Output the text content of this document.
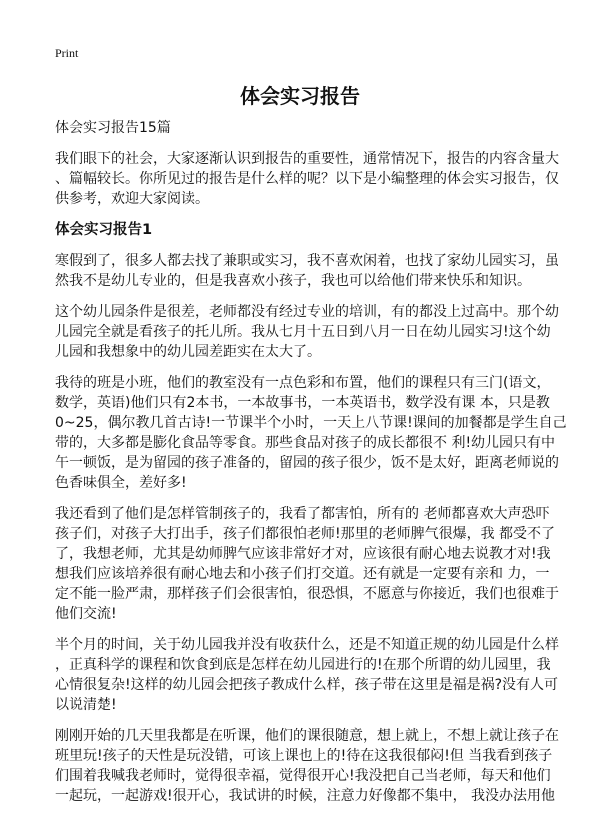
Print
体会实习报告
体会实习报告15篇
我们眼下的社会，大家逐渐认识到报告的重要性，通常情况下，报告的内容含量大
、篇幅较长。你所见过的报告是什么样的呢？以下是小编整理的体会实习报告，仅
供参考，欢迎大家阅读。
体会实习报告1
寒假到了，很多人都去找了兼职或实习，我不喜欢闲着，也找了家幼儿园实习，虽
然我不是幼儿专业的，但是我喜欢小孩子，我也可以给他们带来快乐和知识。
这个幼儿园条件是很差，老师都没有经过专业的培训，有的都没上过高中。那个幼
儿园完全就是看孩子的托儿所。我从七月十五日到八月一日在幼儿园实习!这个幼
儿园和我想象中的幼儿园差距实在太大了。
我待的班是小班，他们的教室没有一点色彩和布置，他们的课程只有三门(语文，
数学，英语)他们只有2本书，一本故事书，一本英语书，数学没有课 本，只是教
0~25，偶尔教几首古诗!一节课半个小时，一天上八节课!课间的加餐都是学生自己
带的，大多都是膨化食品等零食。那些食品对孩子的成长都很不 利!幼儿园只有中
午一顿饭，是为留园的孩子准备的，留园的孩子很少，饭不是太好，距离老师说的
色香味俱全，差好多!
我还看到了他们是怎样管制孩子的，我看了都害怕，所有的 老师都喜欢大声恐吓
孩子们，对孩子大打出手，孩子们都很怕老师!那里的老师脾气很爆，我 都受不了
了，我想老师，尤其是幼师脾气应该非常好才对，应该很有耐心地去说教才对!我
想我们应该培养很有耐心地去和小孩子们打交道。还有就是一定要有亲和 力，一
定不能一脸严肃，那样孩子们会很害怕，很恐惧，不愿意与你接近，我们也很难于
他们交流!
半个月的时间，关于幼儿园我并没有收获什么，还是不知道正规的幼儿园是什么样
，正真科学的课程和饮食到底是怎样在幼儿园进行的!在那个所谓的幼儿园里，我
心情很复杂!这样的幼儿园会把孩子教成什么样，孩子带在这里是福是祸?没有人可
以说清楚!
刚刚开始的几天里我都是在听课，他们的课很随意，想上就上，不想上就让孩子在
班里玩!孩子的天性是玩没错，可该上课也上的!待在这我很郁闷!但 当我看到孩子
们围着我喊我老师时，觉得很幸福，觉得很开心!我没把自己当老师，每天和他们
一起玩，一起游戏!很开心，我试讲的时候，注意力好像都不集中， 我没办法用他
